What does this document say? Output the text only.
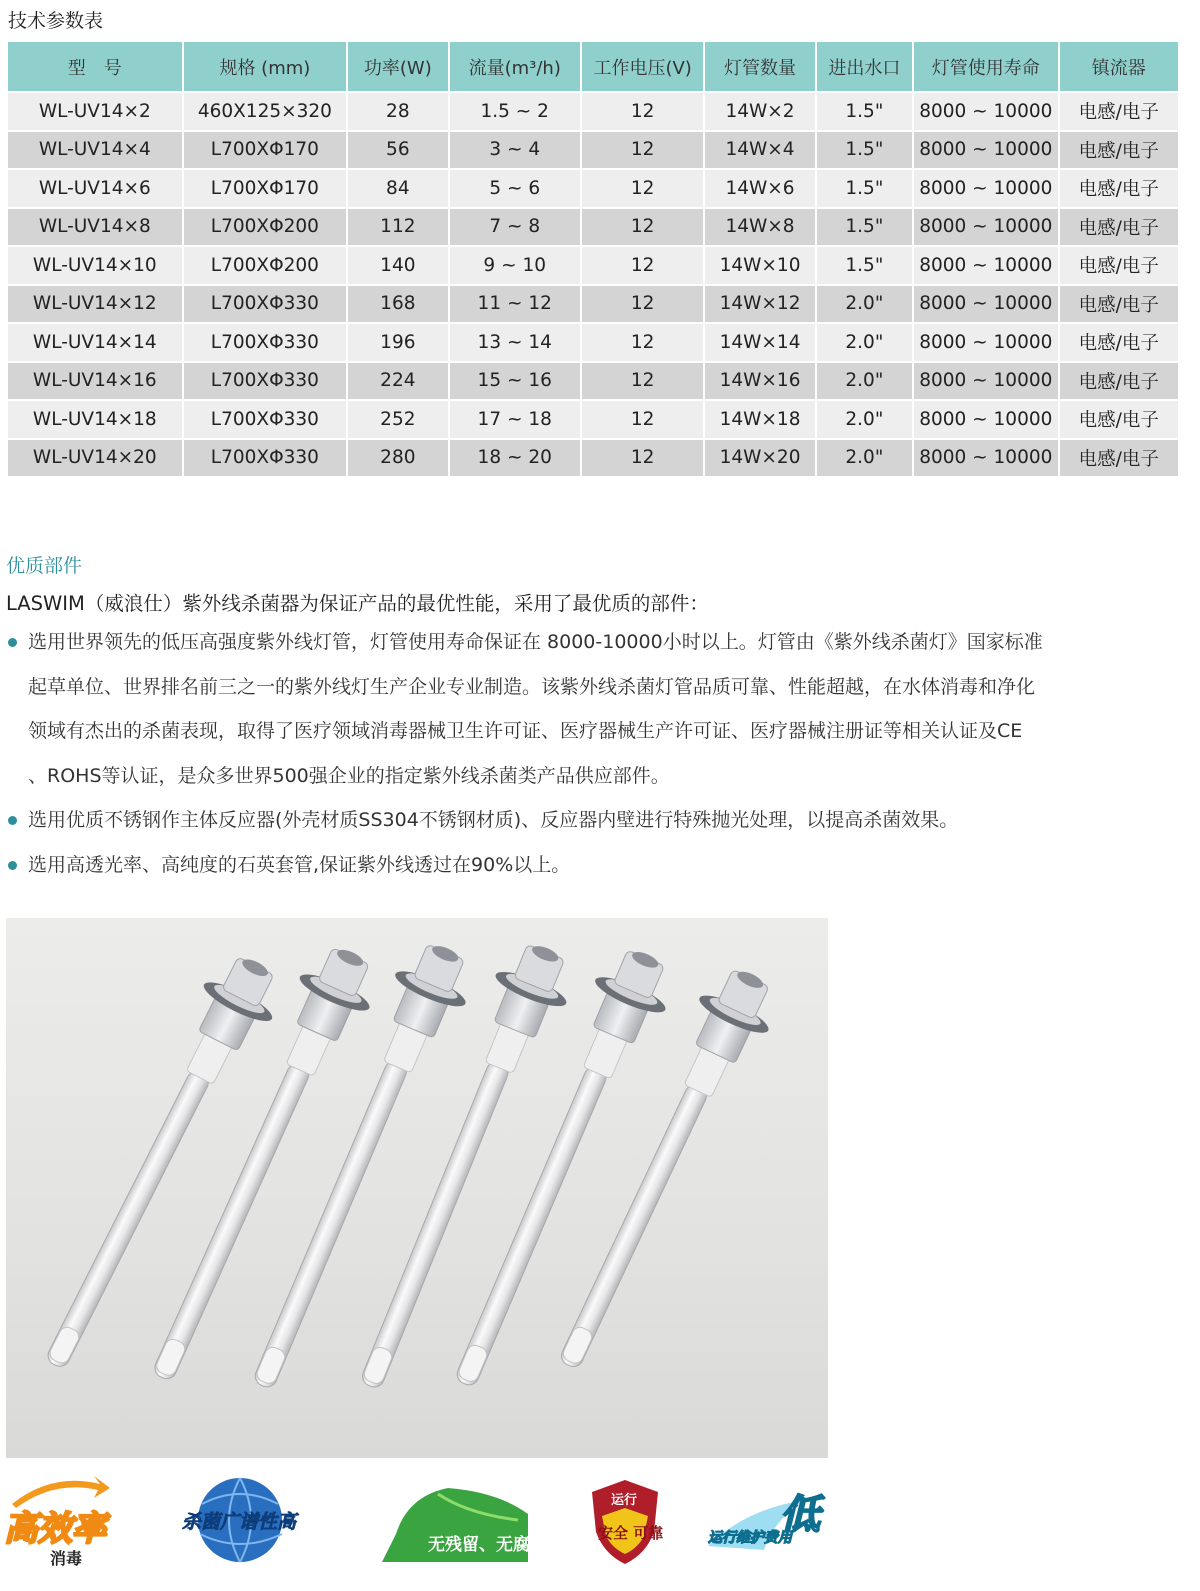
技术参数表
型　号	规格 (mm)	功率(W)	流量(m³/h)	工作电压(V)	灯管数量	进出水口	灯管使用寿命	镇流器
WL-UV14×2	460X125×320	28	1.5 ~ 2	12	14W×2	1.5"	8000 ~ 10000	电感/电子
WL-UV14×4	L700XΦ170	56	3 ~ 4	12	14W×4	1.5"	8000 ~ 10000	电感/电子
WL-UV14×6	L700XΦ170	84	5 ~ 6	12	14W×6	1.5"	8000 ~ 10000	电感/电子
WL-UV14×8	L700XΦ200	112	7 ~ 8	12	14W×8	1.5"	8000 ~ 10000	电感/电子
WL-UV14×10	L700XΦ200	140	9 ~ 10	12	14W×10	1.5"	8000 ~ 10000	电感/电子
WL-UV14×12	L700XΦ330	168	11 ~ 12	12	14W×12	2.0"	8000 ~ 10000	电感/电子
WL-UV14×14	L700XΦ330	196	13 ~ 14	12	14W×14	2.0"	8000 ~ 10000	电感/电子
WL-UV14×16	L700XΦ330	224	15 ~ 16	12	14W×16	2.0"	8000 ~ 10000	电感/电子
WL-UV14×18	L700XΦ330	252	17 ~ 18	12	14W×18	2.0"	8000 ~ 10000	电感/电子
WL-UV14×20	L700XΦ330	280	18 ~ 20	12	14W×20	2.0"	8000 ~ 10000	电感/电子
优质部件
LASWIM（威浪仕）紫外线杀菌器为保证产品的最优性能，采用了最优质的部件：
选用世界领先的低压高强度紫外线灯管，灯管使用寿命保证在 8000-10000小时以上。灯管由《紫外线杀菌灯》国家标准
起草单位、世界排名前三之一的紫外线灯生产企业专业制造。该紫外线杀菌灯管品质可靠、性能超越，在水体消毒和净化
领域有杰出的杀菌表现，取得了医疗领域消毒器械卫生许可证、医疗器械生产许可证、医疗器械注册证等相关认证及CE
、ROHS等认证，是众多世界500强企业的指定紫外线杀菌类产品供应部件。
选用优质不锈钢作主体反应器(外壳材质SS304不锈钢材质)、反应器内壁进行特殊抛光处理，以提高杀菌效果。
选用高透光率、高纯度的石英套管,保证紫外线透过在90%以上。
高效率
消毒
杀菌广谱性高
无残留、无腐蚀
运行
安全 可靠	运行维护费用
低
